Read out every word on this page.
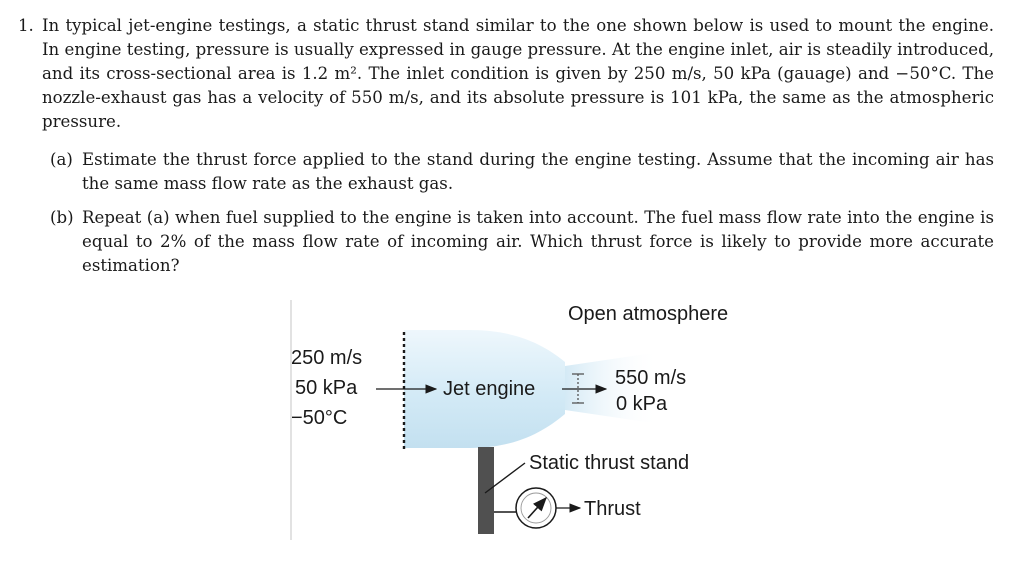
1. In typical jet-engine testings, a static thrust stand similar to the one shown below is used to mount the engine. In engine testing, pressure is usually expressed in gauge pressure. At the engine inlet, air is steadily introduced, and its cross-sectional area is 1.2 m². The inlet condition is given by 250 m/s, 50 kPa (gauage) and −50°C. The nozzle-exhaust gas has a velocity of 550 m/s, and its absolute pressure is 101 kPa, the same as the atmospheric pressure.
(a) Estimate the thrust force applied to the stand during the engine testing. Assume that the incoming air has the same mass flow rate as the exhaust gas.
(b) Repeat (a) when fuel supplied to the engine is taken into account. The fuel mass flow rate into the engine is equal to 2% of the mass flow rate of incoming air. Which thrust force is likely to provide more accurate estimation?
Open atmosphere
250 m/s
50 kPa
−50°C
Jet engine	550 m/s
0 kPa
Static thrust stand
Thrust
